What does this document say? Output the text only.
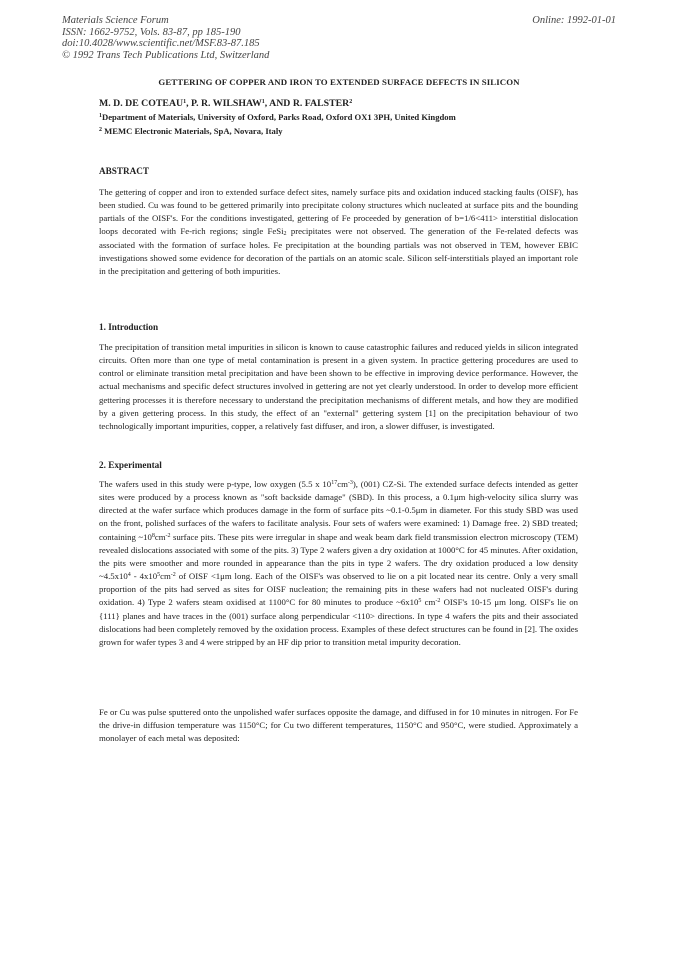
Materials Science Forum
ISSN: 1662-9752, Vols. 83-87, pp 185-190
doi:10.4028/www.scientific.net/MSF.83-87.185
© 1992 Trans Tech Publications Ltd, Switzerland
Online: 1992-01-01
GETTERING OF COPPER AND IRON TO EXTENDED SURFACE DEFECTS IN SILICON
M. D. DE COTEAU$^1$, P. R. WILSHAW$^1$, AND R. FALSTER$^2$
$^1$Department of Materials, University of Oxford, Parks Road, Oxford OX1 3PH, United Kingdom
$^2$ MEMC Electronic Materials, SpA, Novara, Italy
ABSTRACT
The gettering of copper and iron to extended surface defect sites, namely surface pits and oxidation induced stacking faults (OISF), has been studied. Cu was found to be gettered primarily into precipitate colony structures which nucleated at surface pits and the bounding partials of the OISF's. For the conditions investigated, gettering of Fe proceeded by generation of b=1/6<411> interstitial dislocation loops decorated with Fe-rich regions; single FeSi$_2$ precipitates were not observed. The generation of the Fe-related defects was associated with the formation of surface holes. Fe precipitation at the bounding partials was not observed in TEM, however EBIC investigations showed some evidence for decoration of the partials on an atomic scale. Silicon self-interstitials played an important role in the precipitation and gettering of both impurities.
1. Introduction
The precipitation of transition metal impurities in silicon is known to cause catastrophic failures and reduced yields in silicon integrated circuits. Often more than one type of metal contamination is present in a given system. In practice gettering procedures are used to control or eliminate transition metal precipitation and have been shown to be effective in improving device performance. However, the actual mechanisms and specific defect structures involved in gettering are not yet clearly understood. In order to develop more efficient gettering processes it is therefore necessary to understand the precipitation mechanisms of different metals, and how they are modified by a given gettering process. In this study, the effect of an "external" gettering system [1] on the precipitation behaviour of two technologically important impurities, copper, a relatively fast diffuser, and iron, a slower diffuser, is investigated.
2. Experimental
The wafers used in this study were p-type, low oxygen (5.5 x $10^{17}cm^{-3}$), (001) CZ-Si. The extended surface defects intended as getter sites were produced by a process known as "soft backside damage" (SBD). In this process, a 0.1μm high-velocity silica slurry was directed at the wafer surface which produces damage in the form of surface pits ~0.1-0.5μm in diameter. For this study SBD was used on the front, polished surfaces of the wafers to facilitate analysis. Four sets of wafers were examined: 1) Damage free. 2) SBD treated; containing $\sim 10^8cm^{-2}$ surface pits. These pits were irregular in shape and weak beam dark field transmission electron microscopy (TEM) revealed dislocations associated with some of the pits. 3) Type 2 wafers given a dry oxidation at 1000°C for 45 minutes. After oxidation, the pits were smoother and more rounded in appearance than the pits in type 2 wafers. The dry oxidation produced a low density $\sim 4.5x10^4 - 4x10^5cm^{-2}$ of OISF <1μm long. Each of the OISF's was observed to lie on a pit located near its centre. Only a very small proportion of the pits had served as sites for OISF nucleation; the remaining pits in these wafers had not nucleated OISF's during oxidation. 4) Type 2 wafers steam oxidised at 1100°C for 80 minutes to produce $\sim 6x10^5$ $cm^{-2}$ OISF's 10-15 μm long. OISF's lie on {111} planes and have traces in the (001) surface along perpendicular <110> directions. In type 4 wafers the pits and their associated dislocations had been completely removed by the oxidation process. Examples of these defect structures can be found in [2]. The oxides grown for wafer types 3 and 4 were stripped by an HF dip prior to transition metal impurity decoration.
Fe or Cu was pulse sputtered onto the unpolished wafer surfaces opposite the damage, and diffused in for 10 minutes in nitrogen. For Fe the drive-in diffusion temperature was 1150°C; for Cu two different temperatures, 1150°C and 950°C, were studied. Approximately a monolayer of each metal was deposited:
